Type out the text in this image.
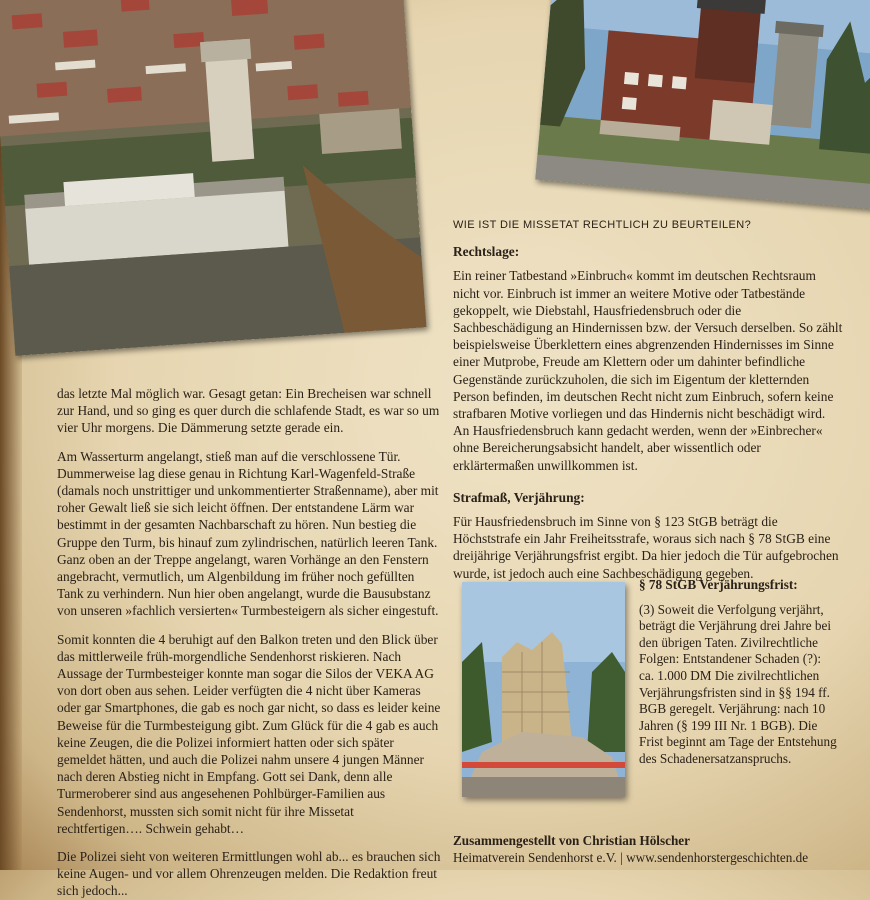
das letzte Mal möglich war. Gesagt getan: Ein Brecheisen war schnell zur Hand, und so ging es quer durch die schlafende Stadt, es war so um vier Uhr morgens. Die Dämmerung setzte gerade ein.

Am Wasserturm angelangt, stieß man auf die verschlossene Tür. Dummerweise lag diese genau in Richtung Karl-Wagenfeld-Straße (damals noch unstrittiger und unkommentierter Straßenname), aber mit roher Gewalt ließ sie sich leicht öffnen. Der entstandene Lärm war bestimmt in der gesamten Nachbarschaft zu hören. Nun bestieg die Gruppe den Turm, bis hinauf zum zylindrischen, natürlich leeren Tank. Ganz oben an der Treppe angelangt, waren Vorhänge an den Fenstern angebracht, vermutlich, um Algenbildung im früher noch gefüllten Tank zu verhindern. Nun hier oben angelangt, wurde die Bausubstanz von unseren »fachlich versierten« Turmbesteigern als sicher eingestuft.

Somit konnten die 4 beruhigt auf den Balkon treten und den Blick über das mittlerweile früh-morgendliche Sendenhorst riskieren. Nach Aussage der Turmbesteiger konnte man sogar die Silos der VEKA AG von dort oben aus sehen. Leider verfügten die 4 nicht über Kameras oder gar Smartphones, die gab es noch gar nicht, so dass es leider keine Beweise für die Turmbesteigung gibt. Zum Glück für die 4 gab es auch keine Zeugen, die die Polizei informiert hatten oder sich später gemeldet hätten, und auch die Polizei nahm unsere 4 jungen Männer nach deren Abstieg nicht in Empfang. Gott sei Dank, denn alle Turmeroberer sind aus angesehenen Pohlbürger-Familien aus Sendenhorst, mussten sich somit nicht für ihre Missetat rechtfertigen…. Schwein gehabt…

Die Polizei sieht von weiteren Ermittlungen wohl ab... es brauchen sich keine Augen- und vor allem Ohrenzeugen melden. Die Redaktion freut sich jedoch...

WIE IST DIE MISSETAT RECHTLICH ZU BEURTEILEN?
Rechtslage:

Ein reiner Tatbestand »Einbruch« kommt im deutschen Rechtsraum nicht vor. Einbruch ist immer an weitere Motive oder Tatbestände gekoppelt, wie Diebstahl, Hausfriedensbruch oder die Sachbeschädigung an Hindernissen bzw. der Versuch derselben. So zählt beispielsweise Überklettern eines abgrenzenden Hindernisses im Sinne einer Mutprobe, Freude am Klettern oder um dahinter befindliche Gegenstände zurückzuholen, die sich im Eigentum der kletternden Person befinden, im deutschen Recht nicht zum Einbruch, sofern keine strafbaren Motive vorliegen und das Hindernis nicht beschädigt wird. An Hausfriedensbruch kann gedacht werden, wenn der »Einbrecher« ohne Bereicherungsabsicht handelt, aber wissentlich oder erklärtermaßen unwillkommen ist.

Strafmaß, Verjährung:

Für Hausfriedensbruch im Sinne von § 123 StGB beträgt die Höchststrafe ein Jahr Freiheitsstrafe, woraus sich nach § 78 StGB eine dreijährige Verjährungsfrist ergibt. Da hier jedoch die Tür aufgebrochen wurde, ist jedoch auch eine Sachbeschädigung gegeben.

§ 78 StGB Verjährungsfrist:

(3) Soweit die Verfolgung verjährt, beträgt die Verjährung drei Jahre bei den übrigen Taten. Zivilrechtliche Folgen: Entstandener Schaden (?): ca. 1.000 DM Die zivilrechtlichen Verjährungsfristen sind in §§ 194 ff. BGB geregelt. Verjährung: nach 10 Jahren (§ 199 III Nr. 1 BGB). Die Frist beginnt am Tage der Entstehung des Schadenersatzanspruchs.

Zusammengestellt von Christian Hölscher
Heimatverein Sendenhorst e.V. | www.sendenhorstergeschichten.de
